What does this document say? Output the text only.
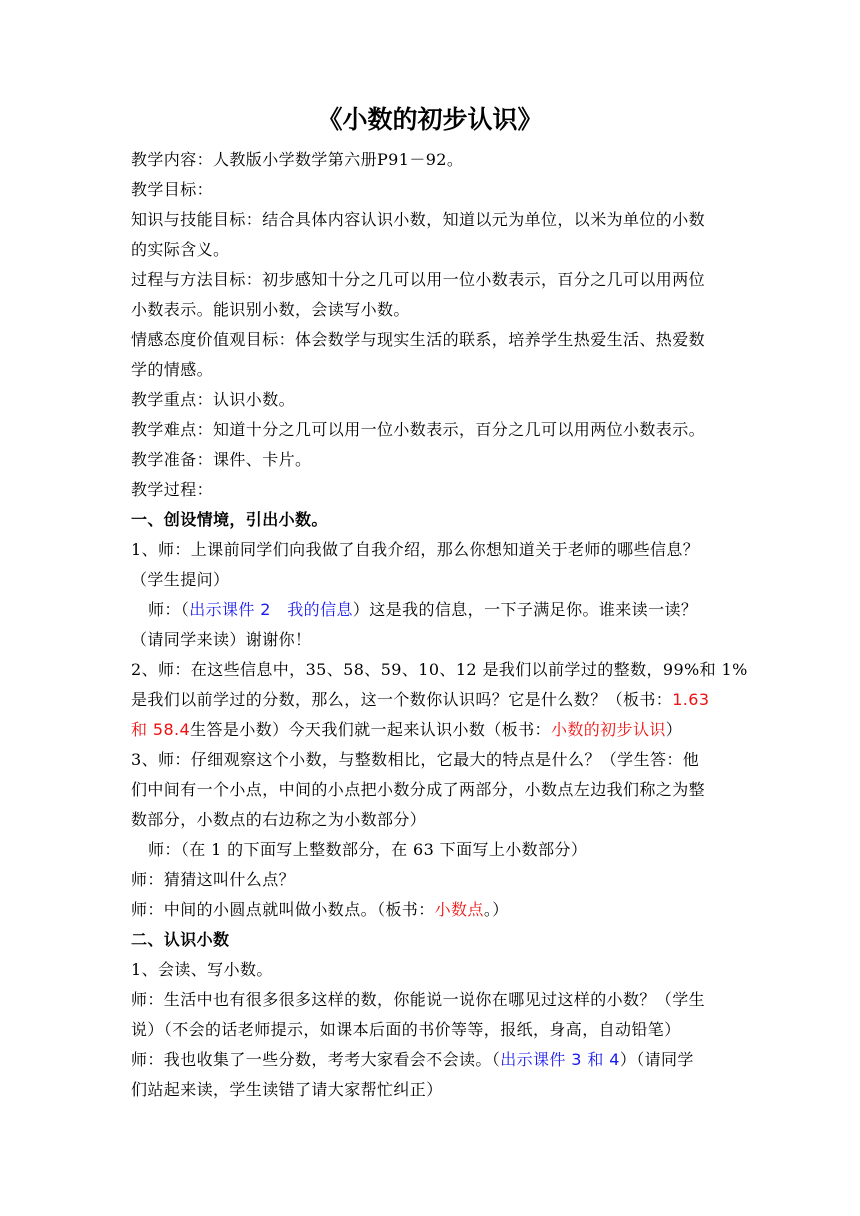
《小数的初步认识》
教学内容：人教版小学数学第六册P91－92。
教学目标：
知识与技能目标：结合具体内容认识小数，知道以元为单位，以米为单位的小数
的实际含义。
过程与方法目标：初步感知十分之几可以用一位小数表示，百分之几可以用两位
小数表示。能识别小数，会读写小数。
情感态度价值观目标：体会数学与现实生活的联系，培养学生热爱生活、热爱数
学的情感。
教学重点：认识小数。
教学难点：知道十分之几可以用一位小数表示，百分之几可以用两位小数表示。
教学准备：课件、卡片。
教学过程：
一、创设情境，引出小数。
1、师：上课前同学们向我做了自我介绍，那么你想知道关于老师的哪些信息？
（学生提问）
师：（出示课件 2　我的信息）这是我的信息，一下子满足你。谁来读一读？
（请同学来读）谢谢你！
2、师：在这些信息中，35、58、59、10、12 是我们以前学过的整数，99%和 1%
是我们以前学过的分数，那么，这一个数你认识吗？它是什么数？（板书：1.63
和 58.4生答是小数）今天我们就一起来认识小数（板书：小数的初步认识）
3、师：仔细观察这个小数，与整数相比，它最大的特点是什么？（学生答：他
们中间有一个小点，中间的小点把小数分成了两部分，小数点左边我们称之为整
数部分，小数点的右边称之为小数部分）
师：（在 1 的下面写上整数部分，在 63 下面写上小数部分）
师：猜猜这叫什么点？
师：中间的小圆点就叫做小数点。（板书：小数点。）
二、认识小数
1、会读、写小数。
师：生活中也有很多很多这样的数，你能说一说你在哪见过这样的小数？（学生
说）（不会的话老师提示，如课本后面的书价等等，报纸，身高，自动铅笔）
师：我也收集了一些分数，考考大家看会不会读。（出示课件 3 和 4）（请同学
们站起来读，学生读错了请大家帮忙纠正）
